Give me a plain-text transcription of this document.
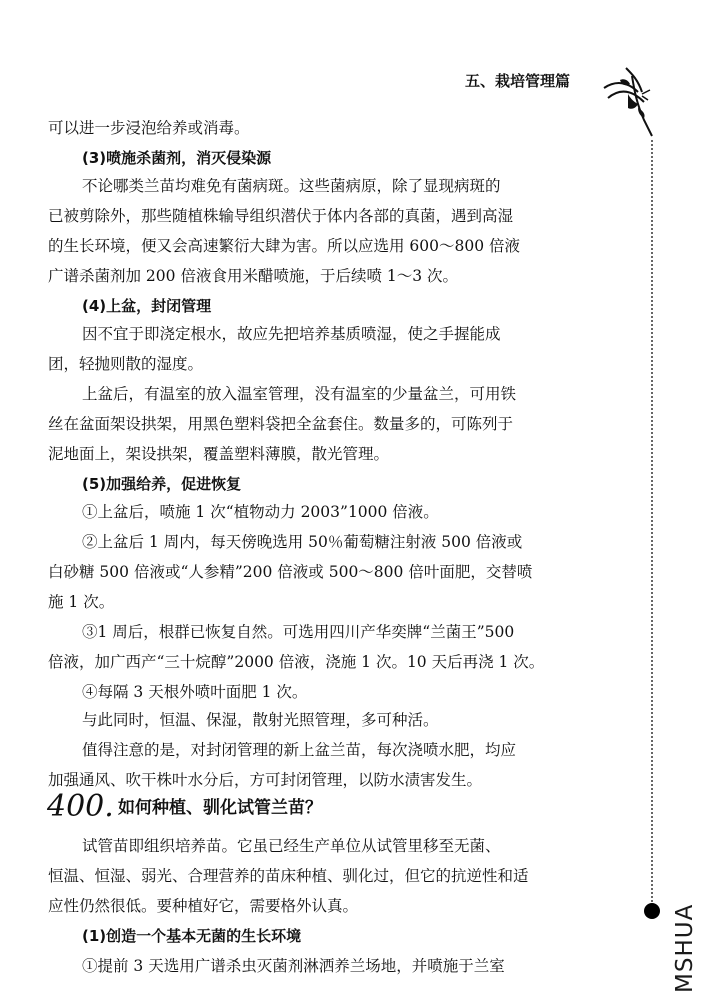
五、栽培管理篇
MSHUA
可以进一步浸泡给养或消毒。
(3)喷施杀菌剂，消灭侵染源
不论哪类兰苗均难免有菌病斑。这些菌病原，除了显现病斑的
已被剪除外，那些随植株输导组织潜伏于体内各部的真菌，遇到高湿
的生长环境，便又会高速繁衍大肆为害。所以应选用 600～800 倍液
广谱杀菌剂加 200 倍液食用米醋喷施，于后续喷 1～3 次。
(4)上盆，封闭管理
因不宜于即浇定根水，故应先把培养基质喷湿，使之手握能成
团，轻抛则散的湿度。
上盆后，有温室的放入温室管理，没有温室的少量盆兰，可用铁
丝在盆面架设拱架，用黑色塑料袋把全盆套住。数量多的，可陈列于
泥地面上，架设拱架，覆盖塑料薄膜，散光管理。
(5)加强给养，促进恢复
①上盆后，喷施 1 次“植物动力 2003”1000 倍液。
②上盆后 1 周内，每天傍晚选用 50％葡萄糖注射液 500 倍液或
白砂糖 500 倍液或“人参精”200 倍液或 500～800 倍叶面肥，交替喷
施 1 次。
③1 周后，根群已恢复自然。可选用四川产华奕牌“兰菌王”500
倍液，加广西产“三十烷醇”2000 倍液，浇施 1 次。10 天后再浇 1 次。
④每隔 3 天根外喷叶面肥 1 次。
与此同时，恒温、保湿，散射光照管理，多可种活。
值得注意的是，对封闭管理的新上盆兰苗，每次浇喷水肥，均应
加强通风、吹干株叶水分后，方可封闭管理，以防水渍害发生。
400. 如何种植、驯化试管兰苗？
试管苗即组织培养苗。它虽已经生产单位从试管里移至无菌、
恒温、恒湿、弱光、合理营养的苗床种植、驯化过，但它的抗逆性和适
应性仍然很低。要种植好它，需要格外认真。
(1)创造一个基本无菌的生长环境
①提前 3 天选用广谱杀虫灭菌剂淋洒养兰场地，并喷施于兰室
